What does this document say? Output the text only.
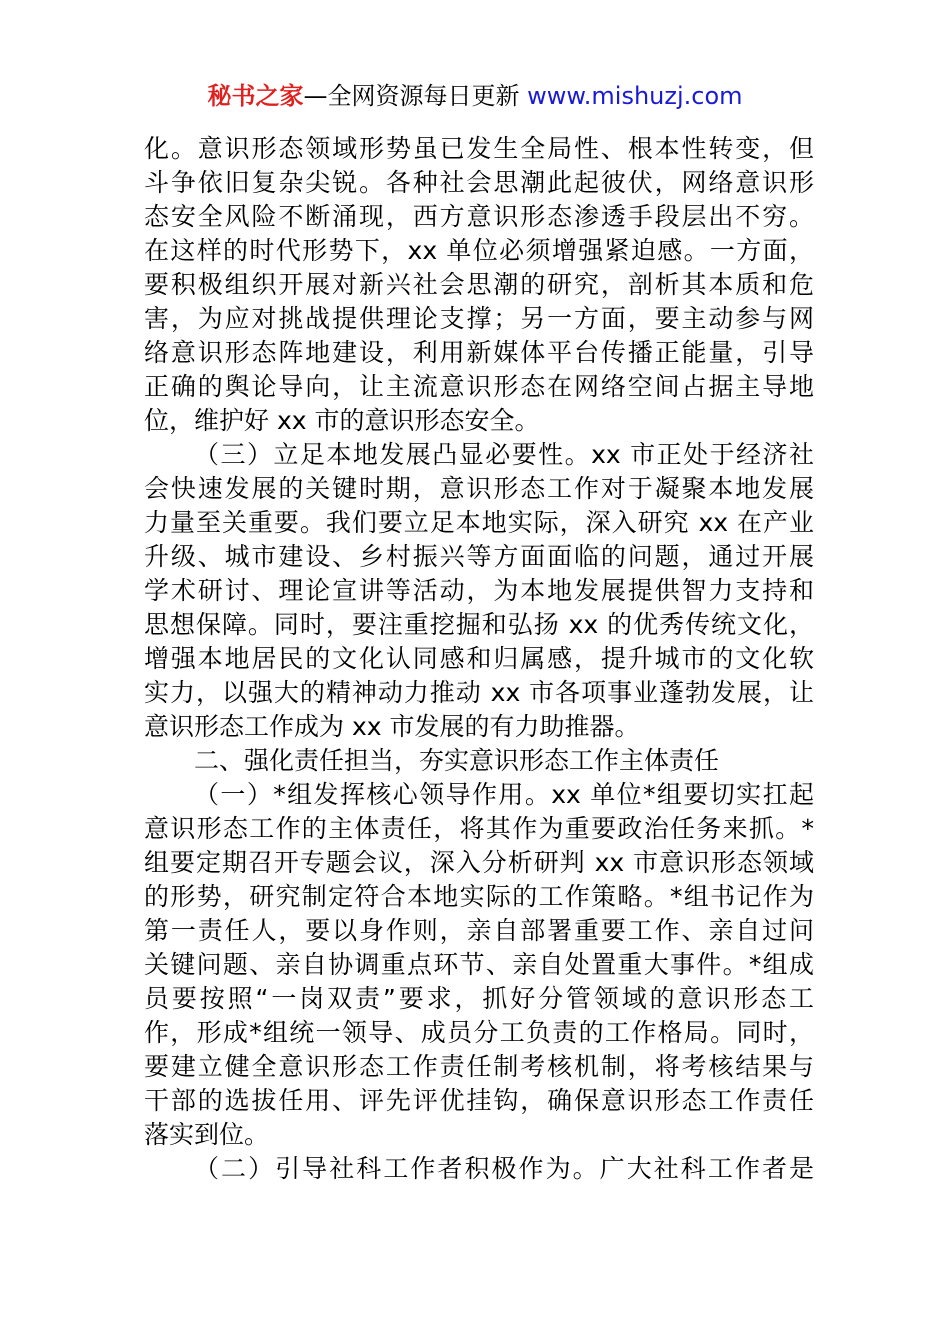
秘书之家—全网资源每日更新 www.mishuzj.com
化。意识形态领域形势虽已发生全局性、根本性转变，但
斗争依旧复杂尖锐。各种社会思潮此起彼伏，网络意识形
态安全风险不断涌现，西方意识形态渗透手段层出不穷。
在这样的时代形势下，xx 单位必须增强紧迫感。一方面，
要积极组织开展对新兴社会思潮的研究，剖析其本质和危
害，为应对挑战提供理论支撑；另一方面，要主动参与网
络意识形态阵地建设，利用新媒体平台传播正能量，引导
正确的舆论导向，让主流意识形态在网络空间占据主导地
位，维护好 xx 市的意识形态安全。
（三）立足本地发展凸显必要性。xx 市正处于经济社
会快速发展的关键时期，意识形态工作对于凝聚本地发展
力量至关重要。我们要立足本地实际，深入研究 xx 在产业
升级、城市建设、乡村振兴等方面面临的问题，通过开展
学术研讨、理论宣讲等活动，为本地发展提供智力支持和
思想保障。同时，要注重挖掘和弘扬 xx 的优秀传统文化，
增强本地居民的文化认同感和归属感，提升城市的文化软
实力，以强大的精神动力推动 xx 市各项事业蓬勃发展，让
意识形态工作成为 xx 市发展的有力助推器。
二、强化责任担当，夯实意识形态工作主体责任
（一）*组发挥核心领导作用。xx 单位*组要切实扛起
意识形态工作的主体责任，将其作为重要政治任务来抓。*
组要定期召开专题会议，深入分析研判 xx 市意识形态领域
的形势，研究制定符合本地实际的工作策略。*组书记作为
第一责任人，要以身作则，亲自部署重要工作、亲自过问
关键问题、亲自协调重点环节、亲自处置重大事件。*组成
员要按照“一岗双责”要求，抓好分管领域的意识形态工
作，形成*组统一领导、成员分工负责的工作格局。同时，
要建立健全意识形态工作责任制考核机制，将考核结果与
干部的选拔任用、评先评优挂钩，确保意识形态工作责任
落实到位。
（二）引导社科工作者积极作为。广大社科工作者是
